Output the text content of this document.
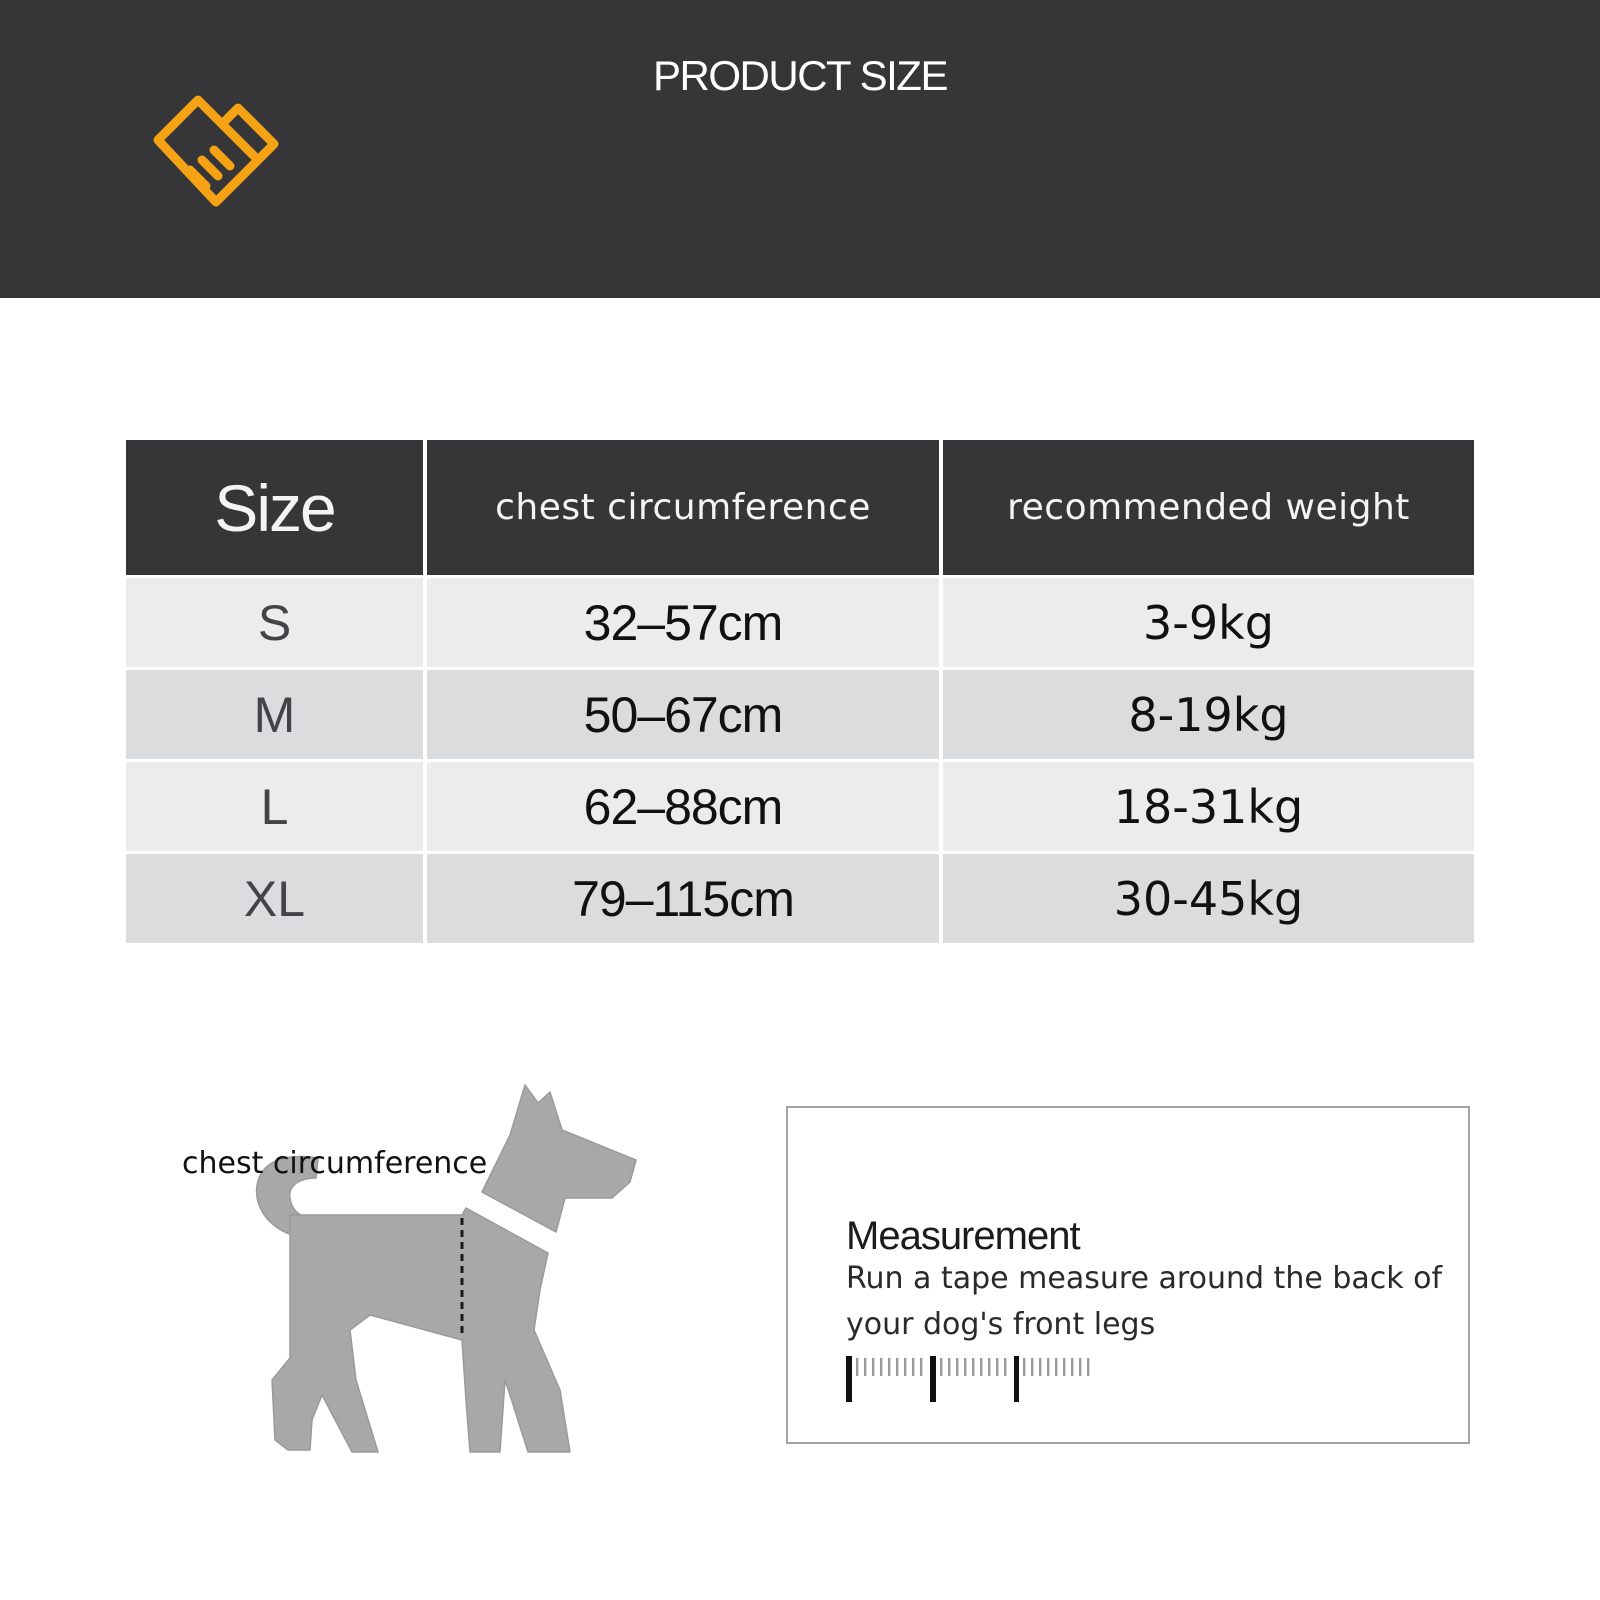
PRODUCT SIZE
Size	chest circumference	recommended weight
S	32–57cm	3-9kg
M	50–67cm	8-19kg
L	62–88cm	18-31kg
XL	79–115cm	30-45kg
chest circumference
Measurement
Run a tape measure around the back of your dog's front legs
